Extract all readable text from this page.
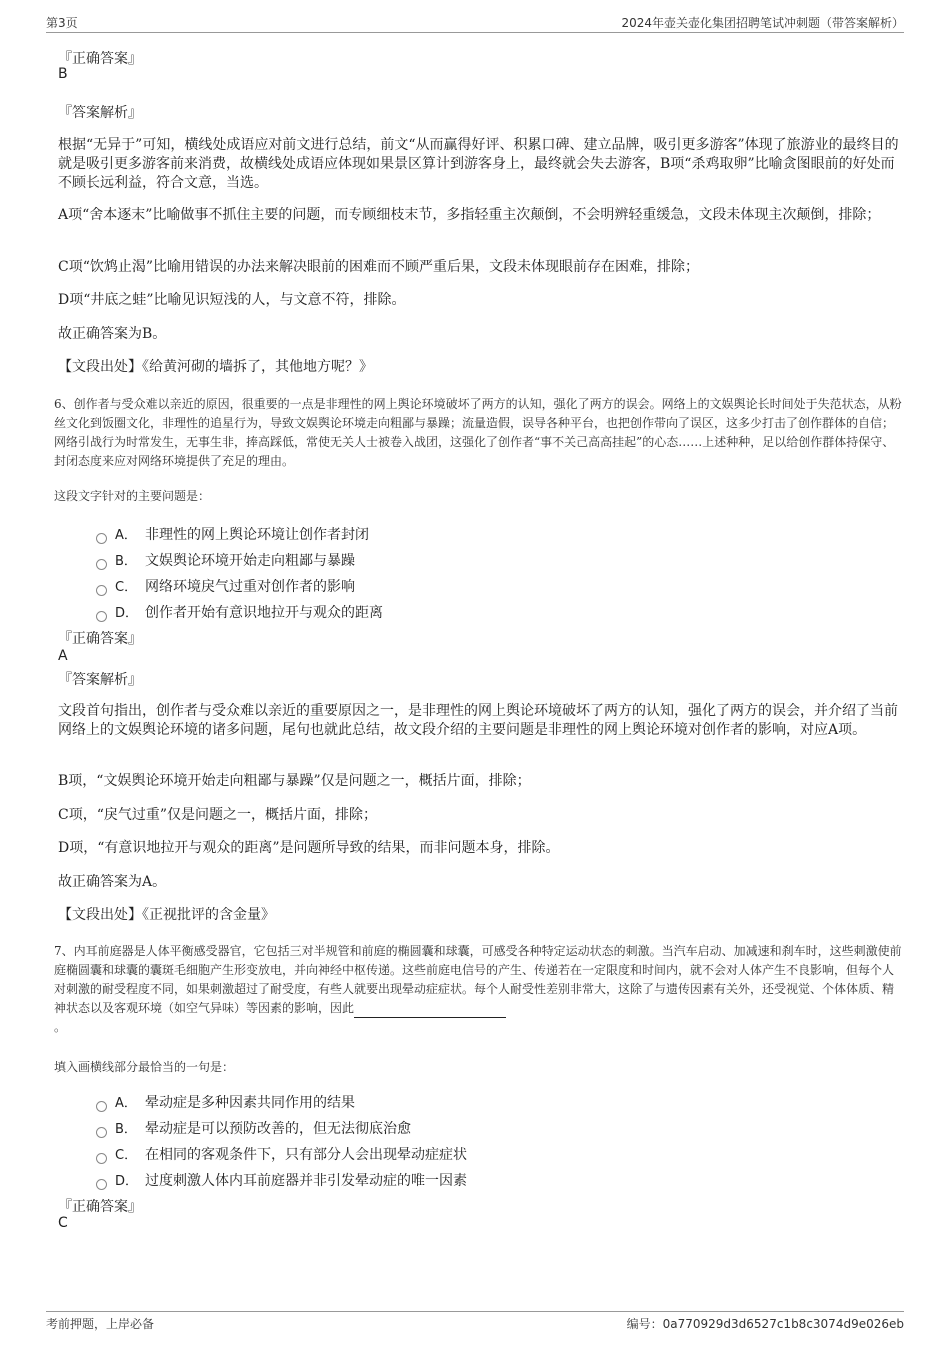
第3页	2024年壶关壶化集团招聘笔试冲刺题（带答案解析）
『正确答案』
B
『答案解析』
根据“无异于”可知，横线处成语应对前文进行总结，前文“从而赢得好评、积累口碑、建立品牌，吸引更多游客”体现了旅游业的最终目的就是吸引更多游客前来消费，故横线处成语应体现如果景区算计到游客身上，最终就会失去游客，B项“杀鸡取卵”比喻贪图眼前的好处而不顾长远利益，符合文意，当选。
A项“舍本逐末”比喻做事不抓住主要的问题，而专顾细枝末节，多指轻重主次颠倒，不会明辨轻重缓急，文段未体现主次颠倒，排除；
C项“饮鸩止渴”比喻用错误的办法来解决眼前的困难而不顾严重后果，文段未体现眼前存在困难，排除；
D项“井底之蛙”比喻见识短浅的人，与文意不符，排除。
故正确答案为B。
【文段出处】《给黄河砌的墙拆了，其他地方呢？》
6、创作者与受众难以亲近的原因，很重要的一点是非理性的网上舆论环境破坏了两方的认知，强化了两方的误会。网络上的文娱舆论长时间处于失范状态，从粉丝文化到饭圈文化，非理性的追星行为，导致文娱舆论环境走向粗鄙与暴躁；流量造假，误导各种平台，也把创作带向了误区，这多少打击了创作群体的自信；网络引战行为时常发生，无事生非，捧高踩低，常使无关人士被卷入战团，这强化了创作者“事不关己高高挂起”的心态……上述种种，足以给创作群体持保守、封闭态度来应对网络环境提供了充足的理由。
这段文字针对的主要问题是：
A． 非理性的网上舆论环境让创作者封闭
B． 文娱舆论环境开始走向粗鄙与暴躁
C． 网络环境戾气过重对创作者的影响
D． 创作者开始有意识地拉开与观众的距离
『正确答案』
A
『答案解析』
文段首句指出，创作者与受众难以亲近的重要原因之一，是非理性的网上舆论环境破坏了两方的认知，强化了两方的误会，并介绍了当前网络上的文娱舆论环境的诸多问题，尾句也就此总结，故文段介绍的主要问题是非理性的网上舆论环境对创作者的影响，对应A项。
B项，“文娱舆论环境开始走向粗鄙与暴躁”仅是问题之一，概括片面，排除；
C项，“戾气过重”仅是问题之一，概括片面，排除；
D项，“有意识地拉开与观众的距离”是问题所导致的结果，而非问题本身，排除。
故正确答案为A。
【文段出处】《正视批评的含金量》
7、内耳前庭器是人体平衡感受器官，它包括三对半规管和前庭的椭圆囊和球囊，可感受各种特定运动状态的刺激。当汽车启动、加减速和刹车时，这些刺激使前庭椭圆囊和球囊的囊斑毛细胞产生形变放电，并向神经中枢传递。这些前庭电信号的产生、传递若在一定限度和时间内，就不会对人体产生不良影响，但每个人对刺激的耐受程度不同，如果刺激超过了耐受度，有些人就要出现晕动症症状。每个人耐受性差别非常大，这除了与遗传因素有关外，还受视觉、个体体质、精神状态以及客观环境（如空气异味）等因素的影响，因此
。
填入画横线部分最恰当的一句是：
A． 晕动症是多种因素共同作用的结果
B． 晕动症是可以预防改善的，但无法彻底治愈
C． 在相同的客观条件下，只有部分人会出现晕动症症状
D． 过度刺激人体内耳前庭器并非引发晕动症的唯一因素
『正确答案』
C
考前押题，上岸必备	编号：0a770929d3d6527c1b8c3074d9e026eb
